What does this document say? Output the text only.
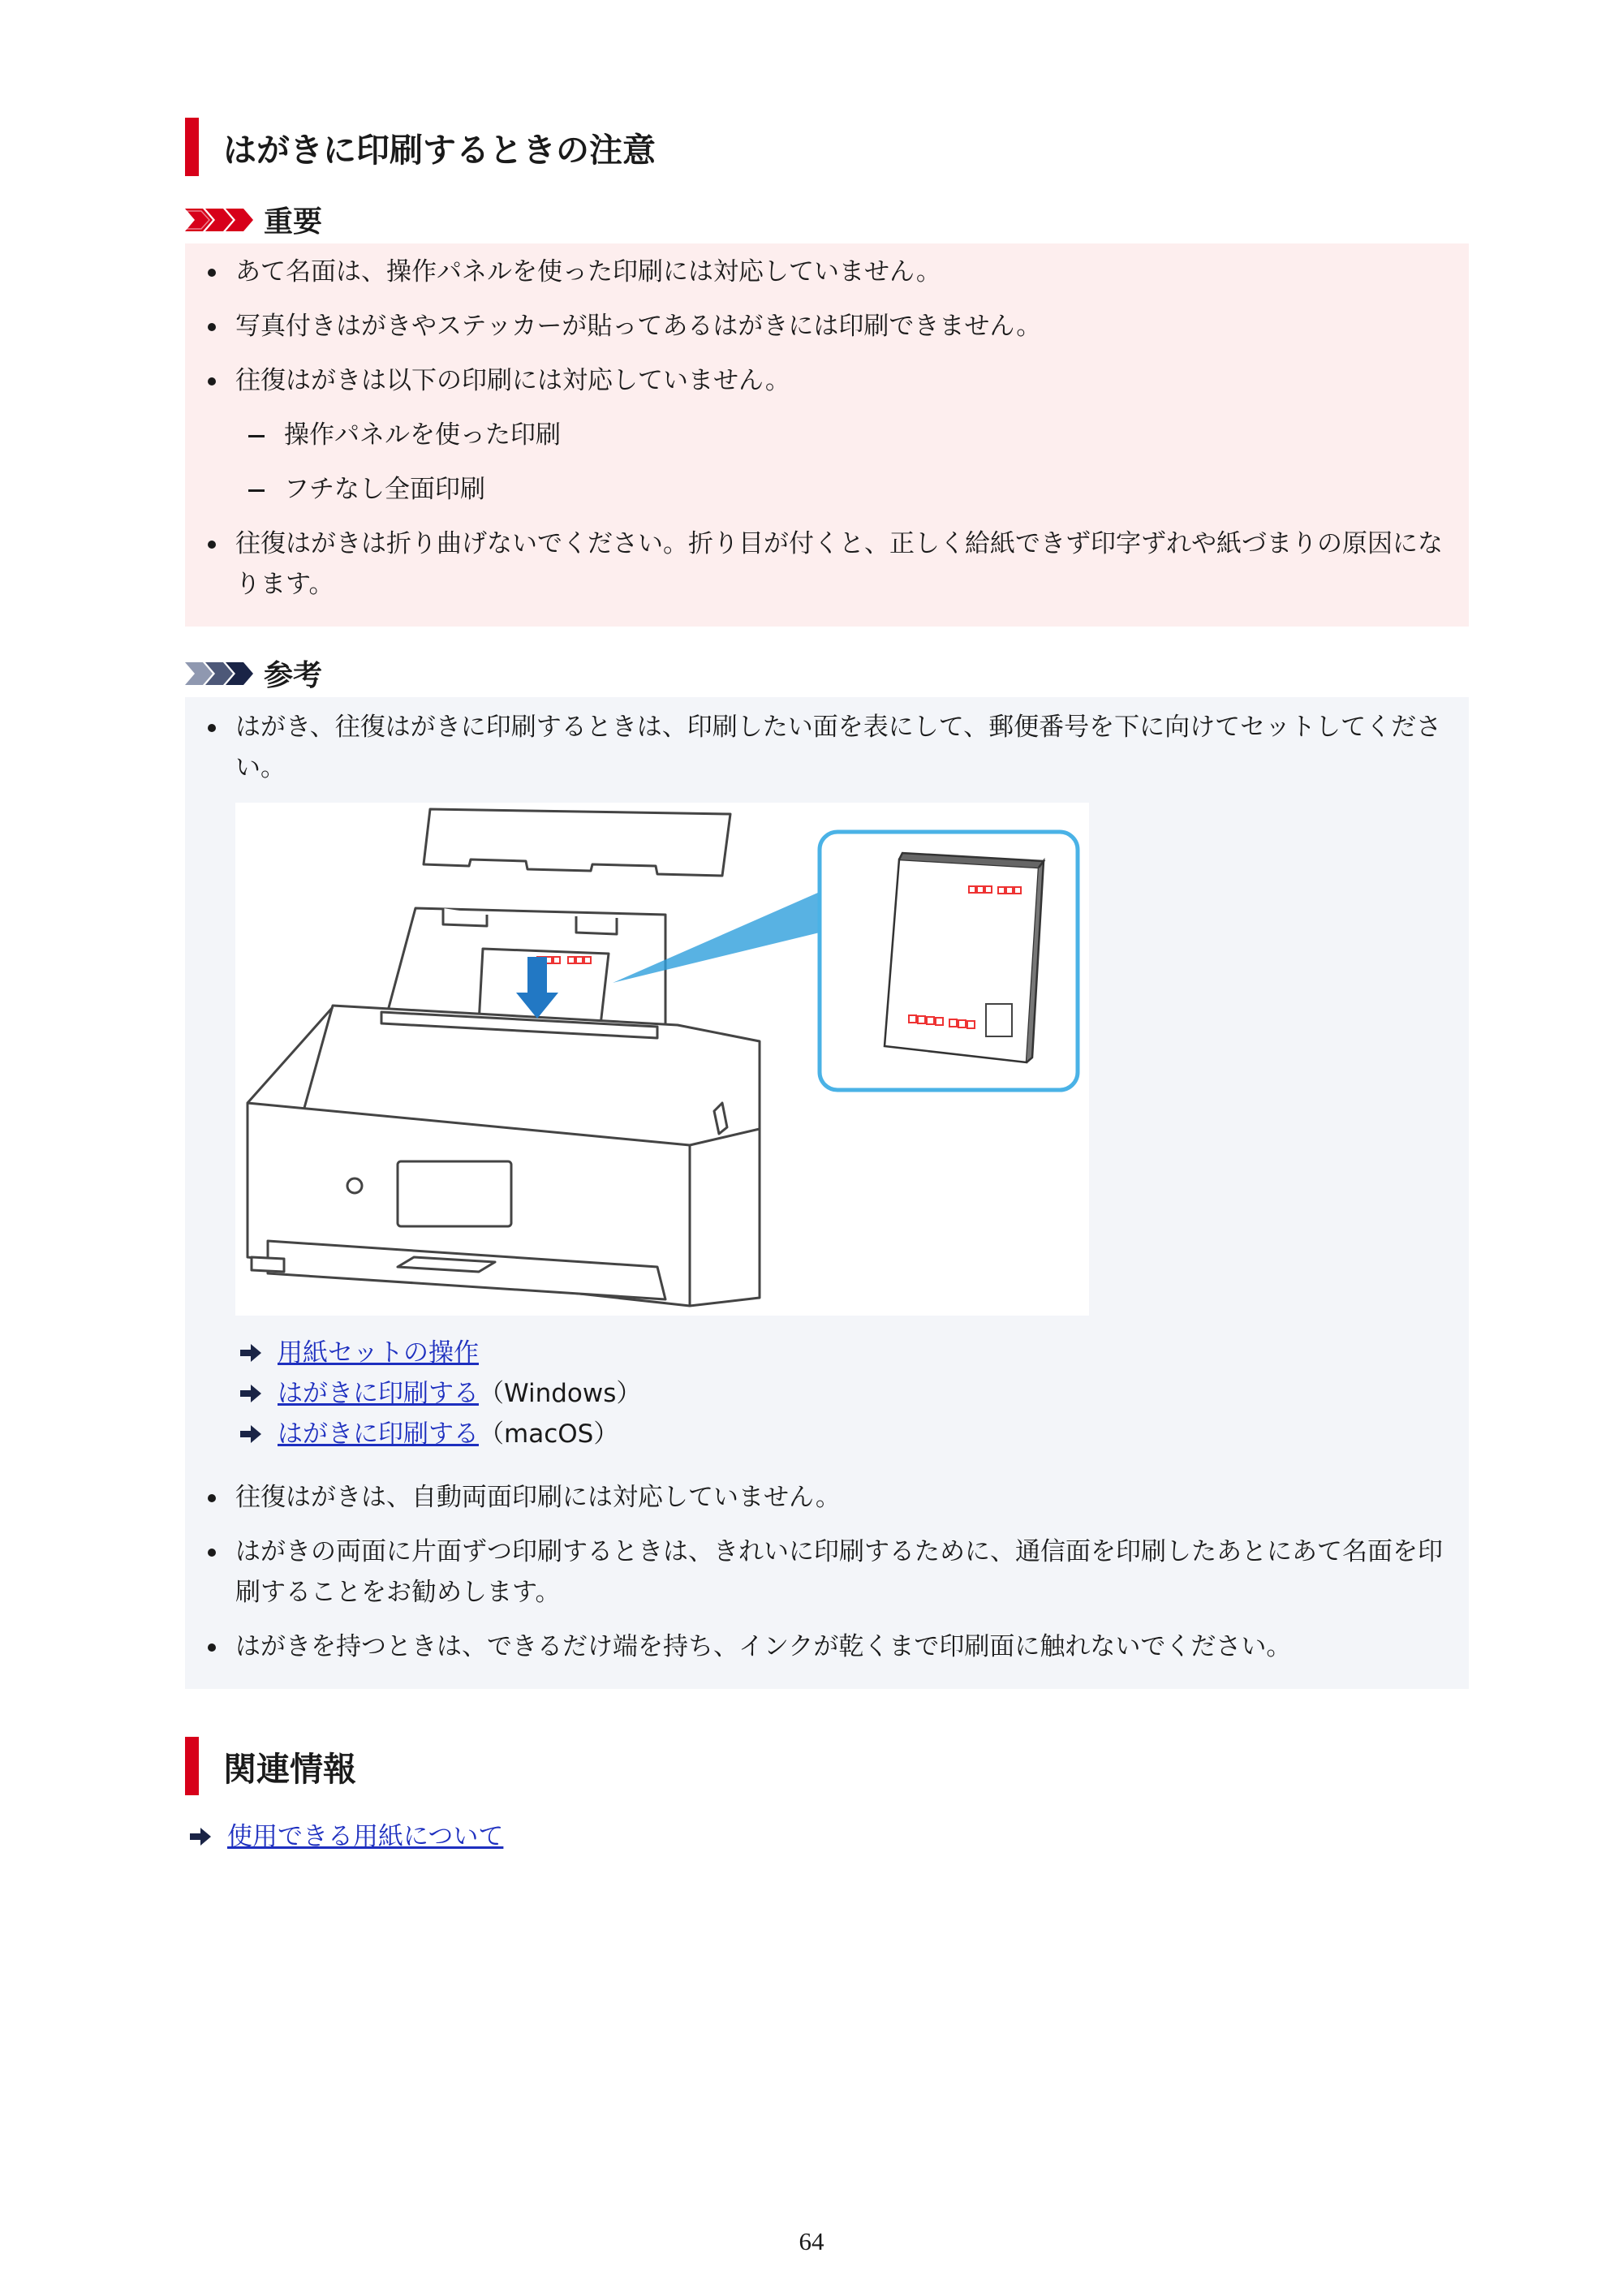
はがきに印刷するときの注意
重要
あて名面は、操作パネルを使った印刷には対応していません。
写真付きはがきやステッカーが貼ってあるはがきには印刷できません。
往復はがきは以下の印刷には対応していません。
操作パネルを使った印刷
フチなし全面印刷
往復はがきは折り曲げないでください。折り目が付くと、正しく給紙できず印字ずれや紙づまりの原因になります。
参考
はがき、往復はがきに印刷するときは、印刷したい面を表にして、郵便番号を下に向けてセットしてください。
用紙セットの操作
はがきに印刷する （Windows）
はがきに印刷する （macOS）
往復はがきは、自動両面印刷には対応していません。
はがきの両面に片面ずつ印刷するときは、きれいに印刷するために、通信面を印刷したあとにあて名面を印刷することをお勧めします。
はがきを持つときは、できるだけ端を持ち、インクが乾くまで印刷面に触れないでください。
関連情報
使用できる用紙について
64
